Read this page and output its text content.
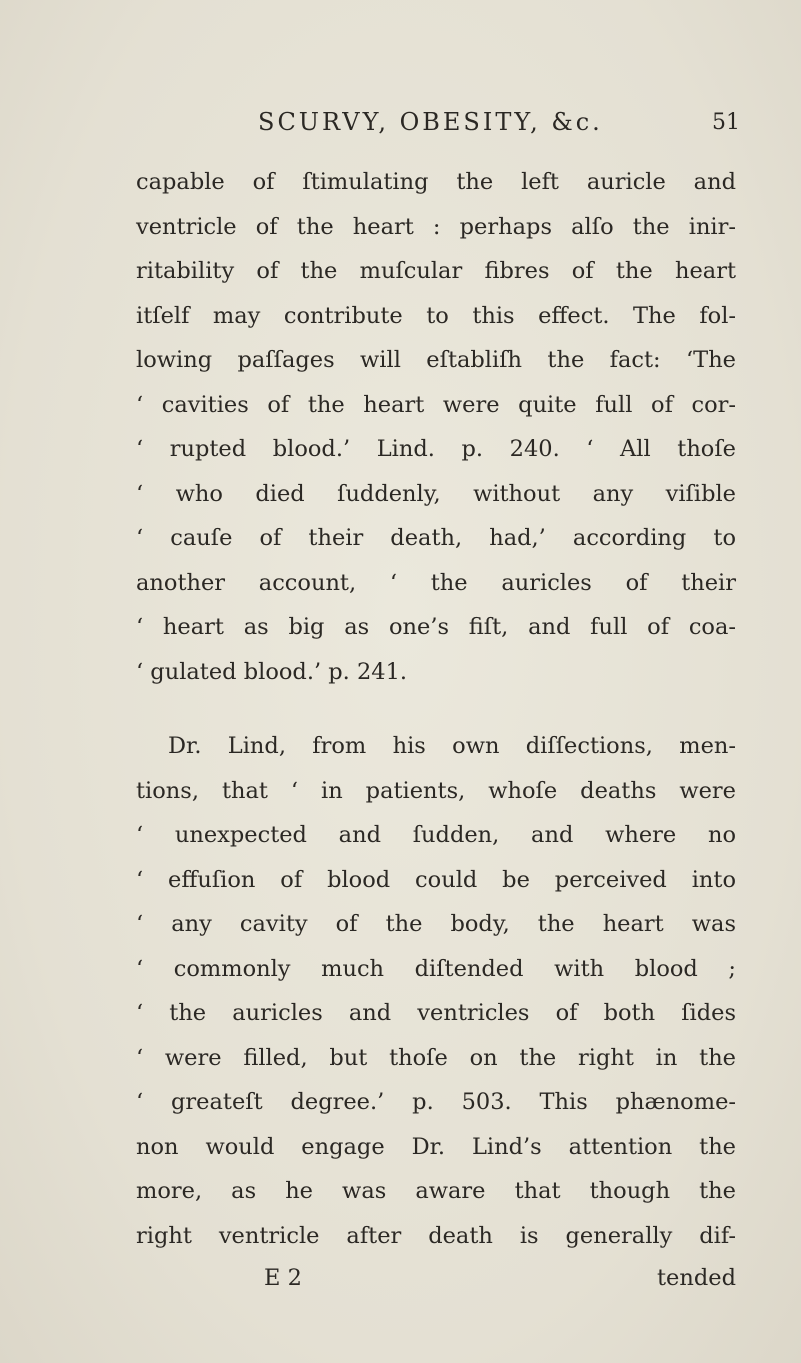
SCURVY, OBESITY, &c.	51
capable of ſtimulating the left auricle and
ventricle of the heart : perhaps alſo the inir-
ritability of the muſcular fibres of the heart
itſelf may contribute to this effect. The fol-
lowing paſſages will eſtabliſh the fact: ‘The
‘ cavities of the heart were quite full of cor-
‘ rupted blood.’ Lind. p. 240. ‘ All thoſe
‘ who died ſuddenly, without any viſible
‘ cauſe of their death, had,’ according to
another account, ‘ the auricles of their
‘ heart as big as one’s fiſt, and full of coa-
‘ gulated blood.’ p. 241.
Dr. Lind, from his own diſſections, men-
tions, that ‘ in patients, whoſe deaths were
‘ unexpected and ſudden, and where no
‘ effuſion of blood could be perceived into
‘ any cavity of the body, the heart was
‘ commonly much diſtended with blood ;
‘ the auricles and ventricles of both ſides
‘ were filled, but thoſe on the right in the
‘ greateſt degree.’ p. 503. This phænome-
non would engage Dr. Lind’s attention the
more, as he was aware that though the
right ventricle after death is generally dif-
E 2	tended
